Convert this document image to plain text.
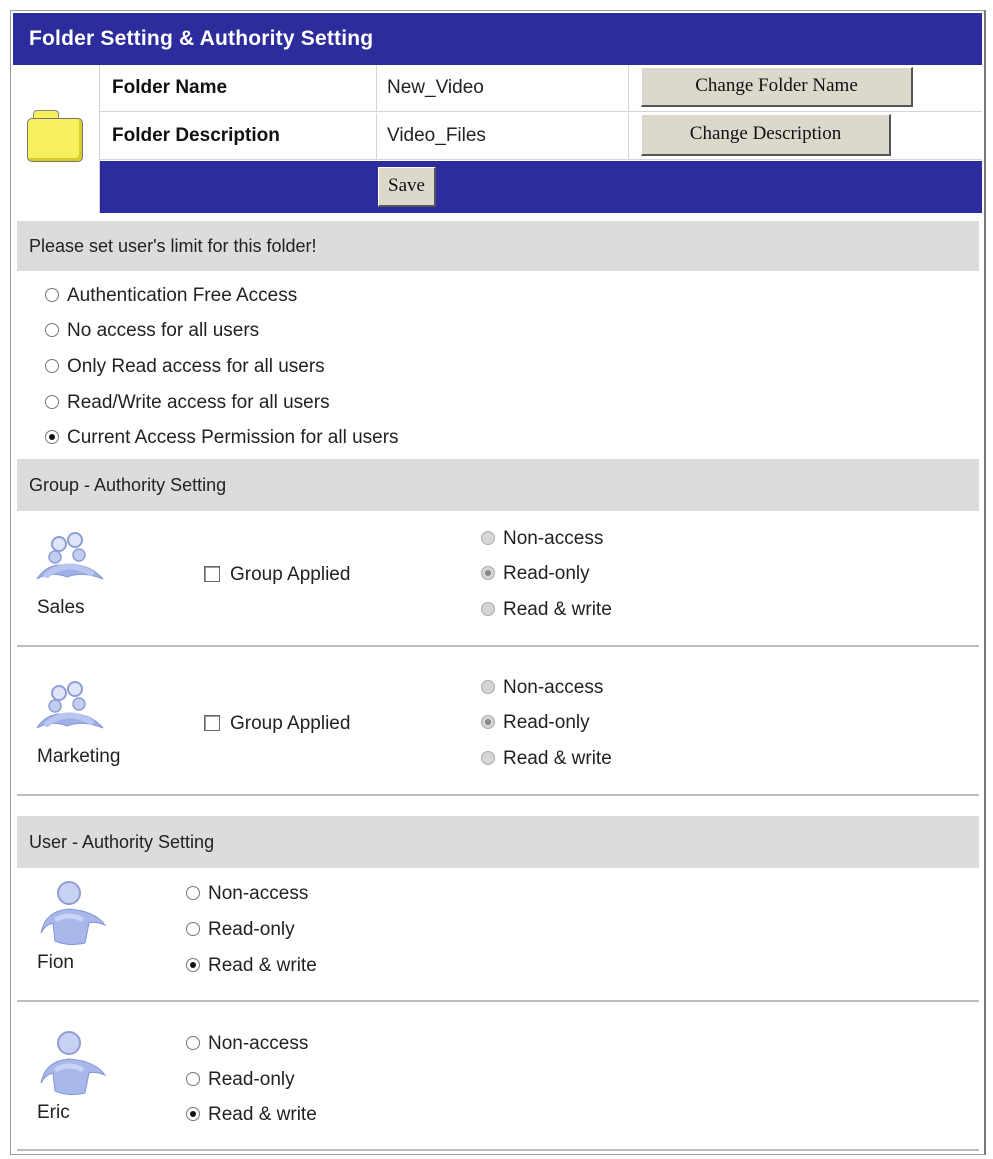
Folder Setting & Authority Setting
Folder Name	New_Video	Change Folder Name
Folder Description	Video_Files	Change Description
Save
Please set user's limit for this folder!
Authentication Free Access
No access for all users
Only Read access for all users
Read/Write access for all users
Current Access Permission for all users
Group - Authority Setting
Sales
Group Applied
Non-access
Read-only
Read & write
Marketing
Group Applied
Non-access
Read-only
Read & write
User - Authority Setting
Fion
Non-access
Read-only
Read & write
Eric
Non-access
Read-only
Read & write
